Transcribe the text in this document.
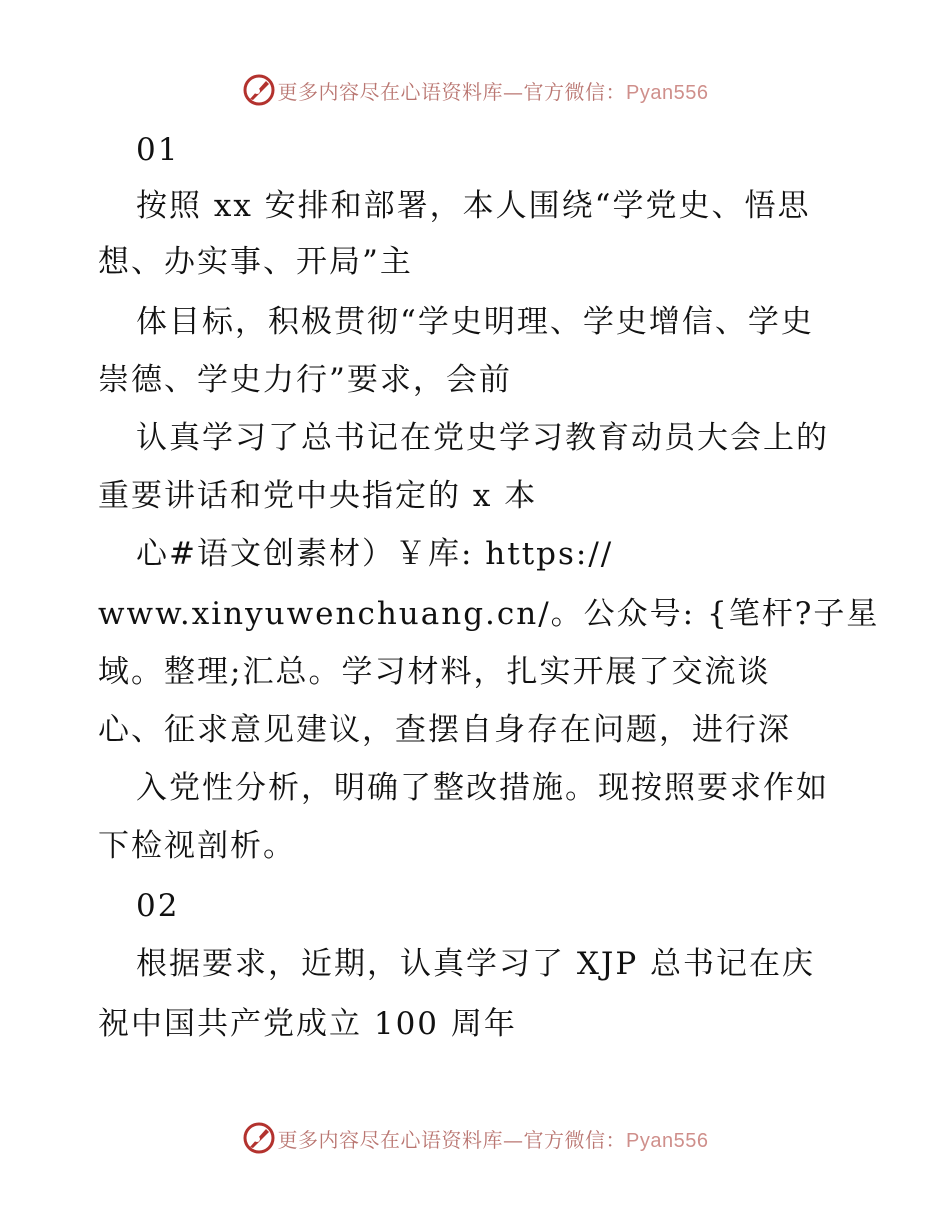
更多内容尽在心语资料库—官方微信：Pyan556
01
按照 xx 安排和部署，本人围绕“学党史、悟思
想、办实事、开局”主
体目标，积极贯彻“学史明理、学史增信、学史
崇德、学史力行”要求，会前
认真学习了总书记在党史学习教育动员大会上的
重要讲话和党中央指定的 x 本
心#语文创素材）￥库: https://
www.xinyuwenchuang.cn/。公众号: {笔杆?子星
域。整理;汇总。学习材料，扎实开展了交流谈
心、征求意见建议，查摆自身存在问题，进行深
入党性分析，明确了整改措施。现按照要求作如
下检视剖析。
02
根据要求，近期，认真学习了 XJP 总书记在庆
祝中国共产党成立 100 周年
更多内容尽在心语资料库—官方微信：Pyan556
